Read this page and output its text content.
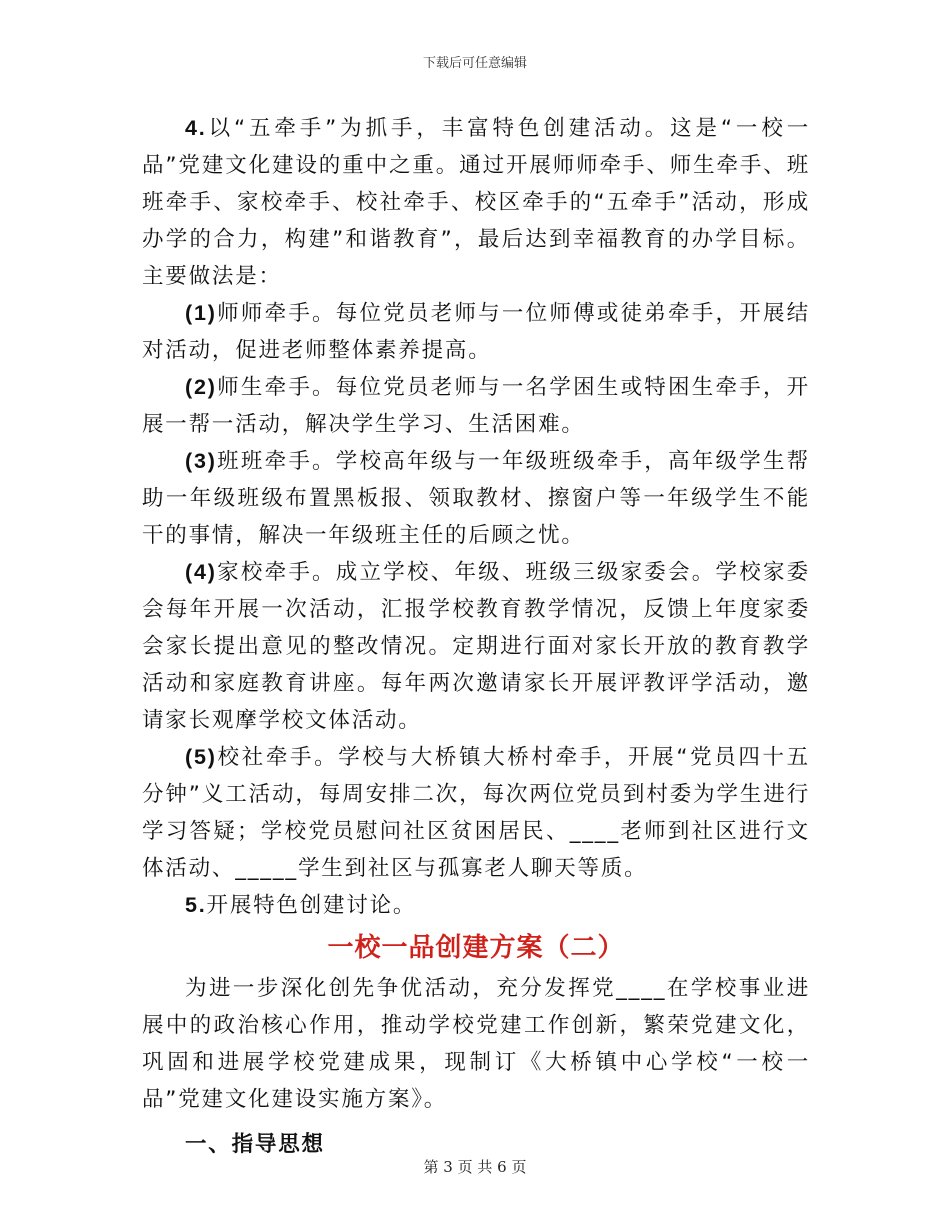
下载后可任意编辑

4.以“五牵手”为抓手，丰富特色创建活动。这是“一校一品”党建文化建设的重中之重。通过开展师师牵手、师生牵手、班班牵手、家校牵手、校社牵手、校区牵手的“五牵手”活动，形成办学的合力，构建”和谐教育”，最后达到幸福教育的办学目标。主要做法是：

(1)师师牵手。每位党员老师与一位师傅或徒弟牵手，开展结对活动，促进老师整体素养提高。

(2)师生牵手。每位党员老师与一名学困生或特困生牵手，开展一帮一活动，解决学生学习、生活困难。

(3)班班牵手。学校高年级与一年级班级牵手，高年级学生帮助一年级班级布置黑板报、领取教材、擦窗户等一年级学生不能干的事情，解决一年级班主任的后顾之忧。

(4)家校牵手。成立学校、年级、班级三级家委会。学校家委会每年开展一次活动，汇报学校教育教学情况，反馈上年度家委会家长提出意见的整改情况。定期进行面对家长开放的教育教学活动和家庭教育讲座。每年两次邀请家长开展评教评学活动，邀请家长观摩学校文体活动。

(5)校社牵手。学校与大桥镇大桥村牵手，开展“党员四十五分钟”义工活动，每周安排二次，每次两位党员到村委为学生进行学习答疑；学校党员慰问社区贫困居民、____老师到社区进行文体活动、_____学生到社区与孤寡老人聊天等质。

5.开展特色创建讨论。

一校一品创建方案（二）

为进一步深化创先争优活动，充分发挥党____在学校事业进展中的政治核心作用，推动学校党建工作创新，繁荣党建文化，巩固和进展学校党建成果，现制订《大桥镇中心学校“一校一品”党建文化建设实施方案》。

一、指导思想
第 3 页 共 6 页
